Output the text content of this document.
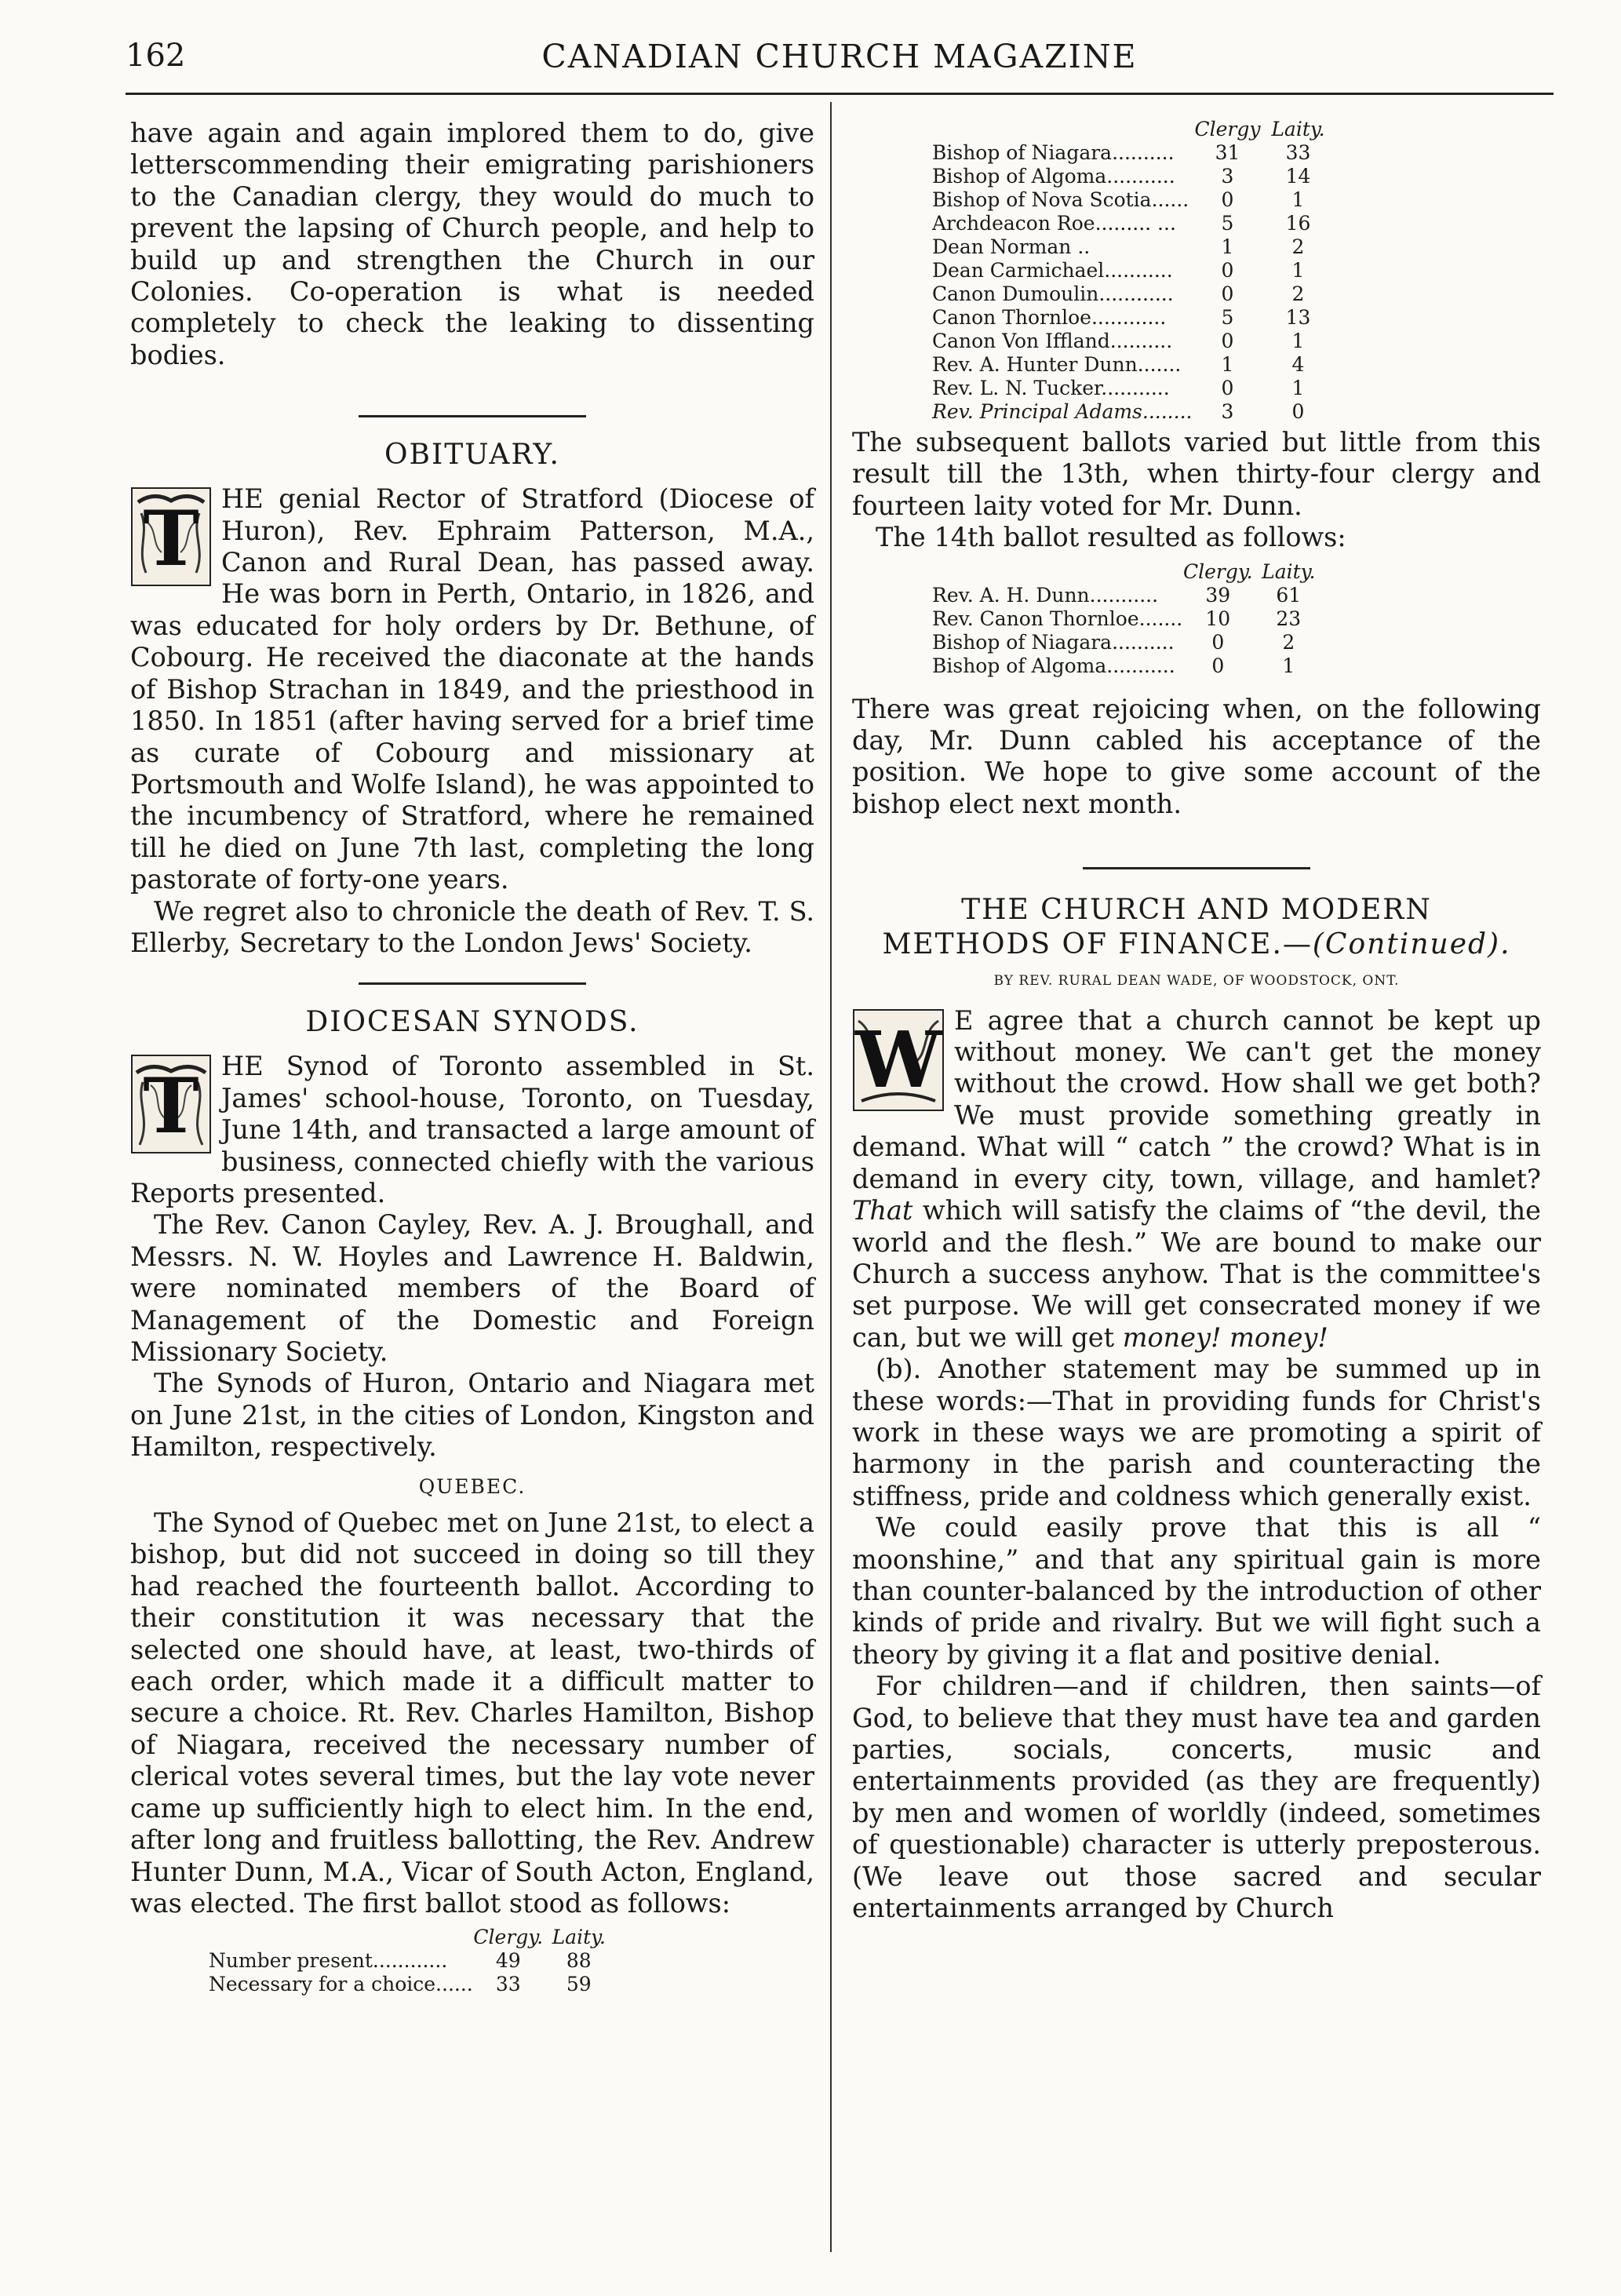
162	CANADIAN CHURCH MAGAZINE

have again and again implored them to do, give letterscommending their emigrating parishioners to the Canadian clergy, they would do much to prevent the lapsing of Church people, and help to build up and strengthen the Church in our Colonies. Co-operation is what is needed completely to check the leaking to dissenting bodies.

OBITUARY.
T HE genial Rector of Stratford (Diocese of Huron), Rev. Ephraim Patterson, M.A., Canon and Rural Dean, has passed away. He was born in Perth, Ontario, in 1826, and was educated for holy orders by Dr. Bethune, of Cobourg. He received the diaconate at the hands of Bishop Strachan in 1849, and the priesthood in 1850. In 1851 (after having served for a brief time as curate of Cobourg and missionary at Portsmouth and Wolfe Island), he was appointed to the incumbency of Stratford, where he remained till he died on June 7th last, completing the long pastorate of forty-one years.

We regret also to chronicle the death of Rev. T. S. Ellerby, Secretary to the London Jews' Society.

DIOCESAN SYNODS.
T HE Synod of Toronto assembled in St. James' school-house, Toronto, on Tuesday, June 14th, and transacted a large amount of business, connected chiefly with the various Reports presented.

The Rev. Canon Cayley, Rev. A. J. Broughall, and Messrs. N. W. Hoyles and Lawrence H. Baldwin, were nominated members of the Board of Management of the Domestic and Foreign Missionary Society.

The Synods of Huron, Ontario and Niagara met on June 21st, in the cities of London, Kingston and Hamilton, respectively.

QUEBEC.

The Synod of Quebec met on June 21st, to elect a bishop, but did not succeed in doing so till they had reached the fourteenth ballot. According to their constitution it was necessary that the selected one should have, at least, two-thirds of each order, which made it a difficult matter to secure a choice. Rt. Rev. Charles Hamilton, Bishop of Niagara, received the necessary number of clerical votes several times, but the lay vote never came up sufficiently high to elect him. In the end, after long and fruitless ballotting, the Rev. Andrew Hunter Dunn, M.A., Vicar of South Acton, England, was elected. The first ballot stood as follows:

	Clergy.	Laity.
Number present............	49	88
Necessary for a choice......	33	59
	Clergy	Laity.
Bishop of Niagara..........	31	33
Bishop of Algoma...........	3	14
Bishop of Nova Scotia......	0	1
Archdeacon Roe......... ...	5	16
Dean Norman ..	1	2
Dean Carmichael...........	0	1
Canon Dumoulin............	0	2
Canon Thornloe............	5	13
Canon Von Iffland..........	0	1
Rev. A. Hunter Dunn.......	1	4
Rev. L. N. Tucker...........	0	1
Rev. Principal Adams........	3	0

The subsequent ballots varied but little from this result till the 13th, when thirty-four clergy and fourteen laity voted for Mr. Dunn.

The 14th ballot resulted as follows:

	Clergy.	Laity.
Rev. A. H. Dunn...........	39	61
Rev. Canon Thornloe.......	10	23
Bishop of Niagara..........	0	2
Bishop of Algoma...........	0	1

There was great rejoicing when, on the following day, Mr. Dunn cabled his acceptance of the position. We hope to give some account of the bishop elect next month.

THE CHURCH AND MODERN
METHODS OF FINANCE.—(Continued).
BY REV. RURAL DEAN WADE, OF WOODSTOCK, ONT.
W E agree that a church cannot be kept up without money. We can't get the money without the crowd. How shall we get both? We must provide something greatly in demand. What will “ catch ” the crowd? What is in demand in every city, town, village, and hamlet? That which will satisfy the claims of “the devil, the world and the flesh.” We are bound to make our Church a success anyhow. That is the committee's set purpose. We will get consecrated money if we can, but we will get money! money!

(b). Another statement may be summed up in these words:—That in providing funds for Christ's work in these ways we are promoting a spirit of harmony in the parish and counteracting the stiffness, pride and coldness which generally exist.

We could easily prove that this is all “ moonshine,” and that any spiritual gain is more than counter-balanced by the introduction of other kinds of pride and rivalry. But we will fight such a theory by giving it a flat and positive denial.

For children—and if children, then saints—of God, to believe that they must have tea and garden parties, socials, concerts, music and entertainments provided (as they are frequently) by men and women of worldly (indeed, sometimes of questionable) character is utterly preposterous. (We leave out those sacred and secular entertainments arranged by Church
